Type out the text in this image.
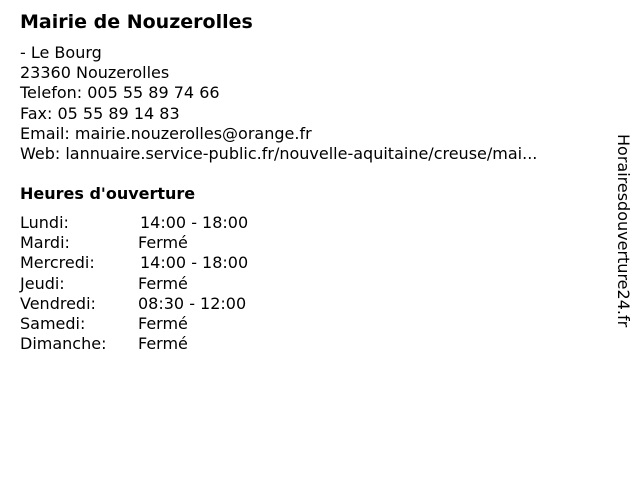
Mairie de Nouzerolles
- Le Bourg
23360 Nouzerolles
Telefon: 005 55 89 74 66
Fax: 05 55 89 14 83
Email: mairie.nouzerolles@orange.fr
Web: lannuaire.service-public.fr/nouvelle-aquitaine/creuse/mai...
Heures d'ouverture
Lundi:	14:00 - 18:00
Mardi:	Fermé
Mercredi:	14:00 - 18:00
Jeudi:	Fermé
Vendredi:	08:30 - 12:00
Samedi:	Fermé
Dimanche: Fermé
Horairesdouverture24.fr
